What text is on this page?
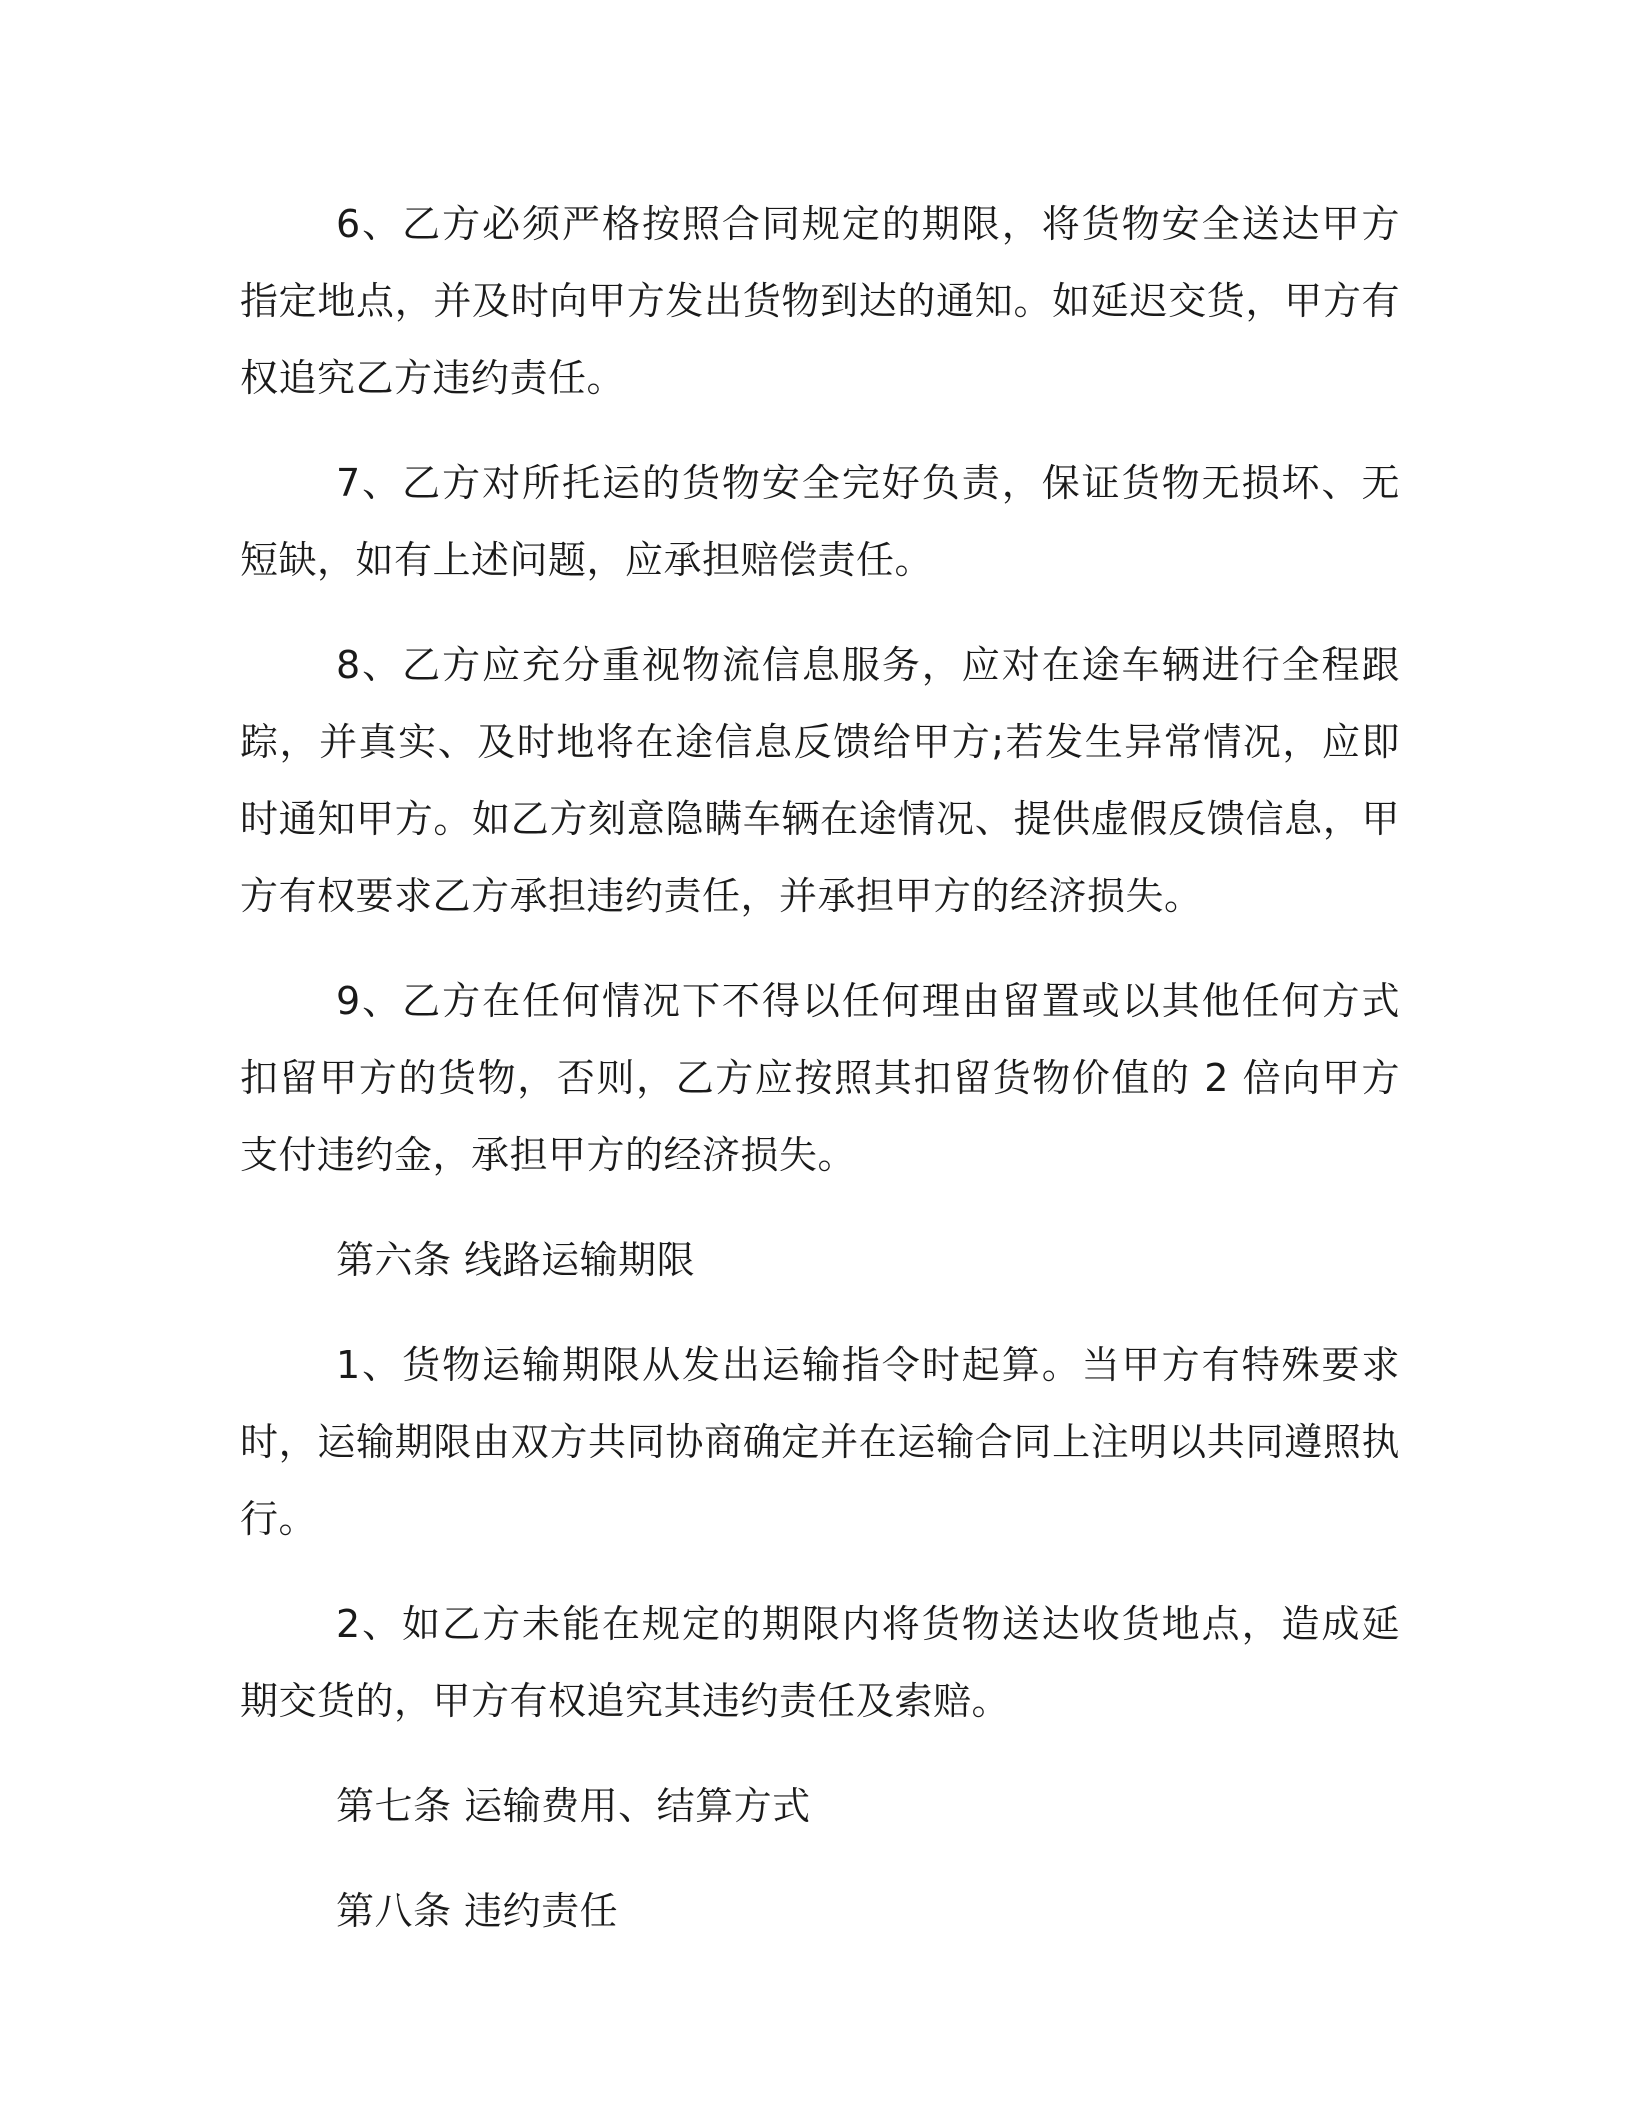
6、乙方必须严格按照合同规定的期限，将货物安全送达甲方指定地点，并及时向甲方发出货物到达的通知。如延迟交货，甲方有权追究乙方违约责任。

7、乙方对所托运的货物安全完好负责，保证货物无损坏、无短缺，如有上述问题，应承担赔偿责任。

8、乙方应充分重视物流信息服务，应对在途车辆进行全程跟踪，并真实、及时地将在途信息反馈给甲方;若发生异常情况，应即时通知甲方。如乙方刻意隐瞒车辆在途情况、提供虚假反馈信息，甲方有权要求乙方承担违约责任，并承担甲方的经济损失。

9、乙方在任何情况下不得以任何理由留置或以其他任何方式扣留甲方的货物，否则，乙方应按照其扣留货物价值的 2 倍向甲方支付违约金，承担甲方的经济损失。

第六条 线路运输期限

1、货物运输期限从发出运输指令时起算。当甲方有特殊要求时，运输期限由双方共同协商确定并在运输合同上注明以共同遵照执行。

2、如乙方未能在规定的期限内将货物送达收货地点，造成延期交货的，甲方有权追究其违约责任及索赔。

第七条 运输费用、结算方式

第八条 违约责任
